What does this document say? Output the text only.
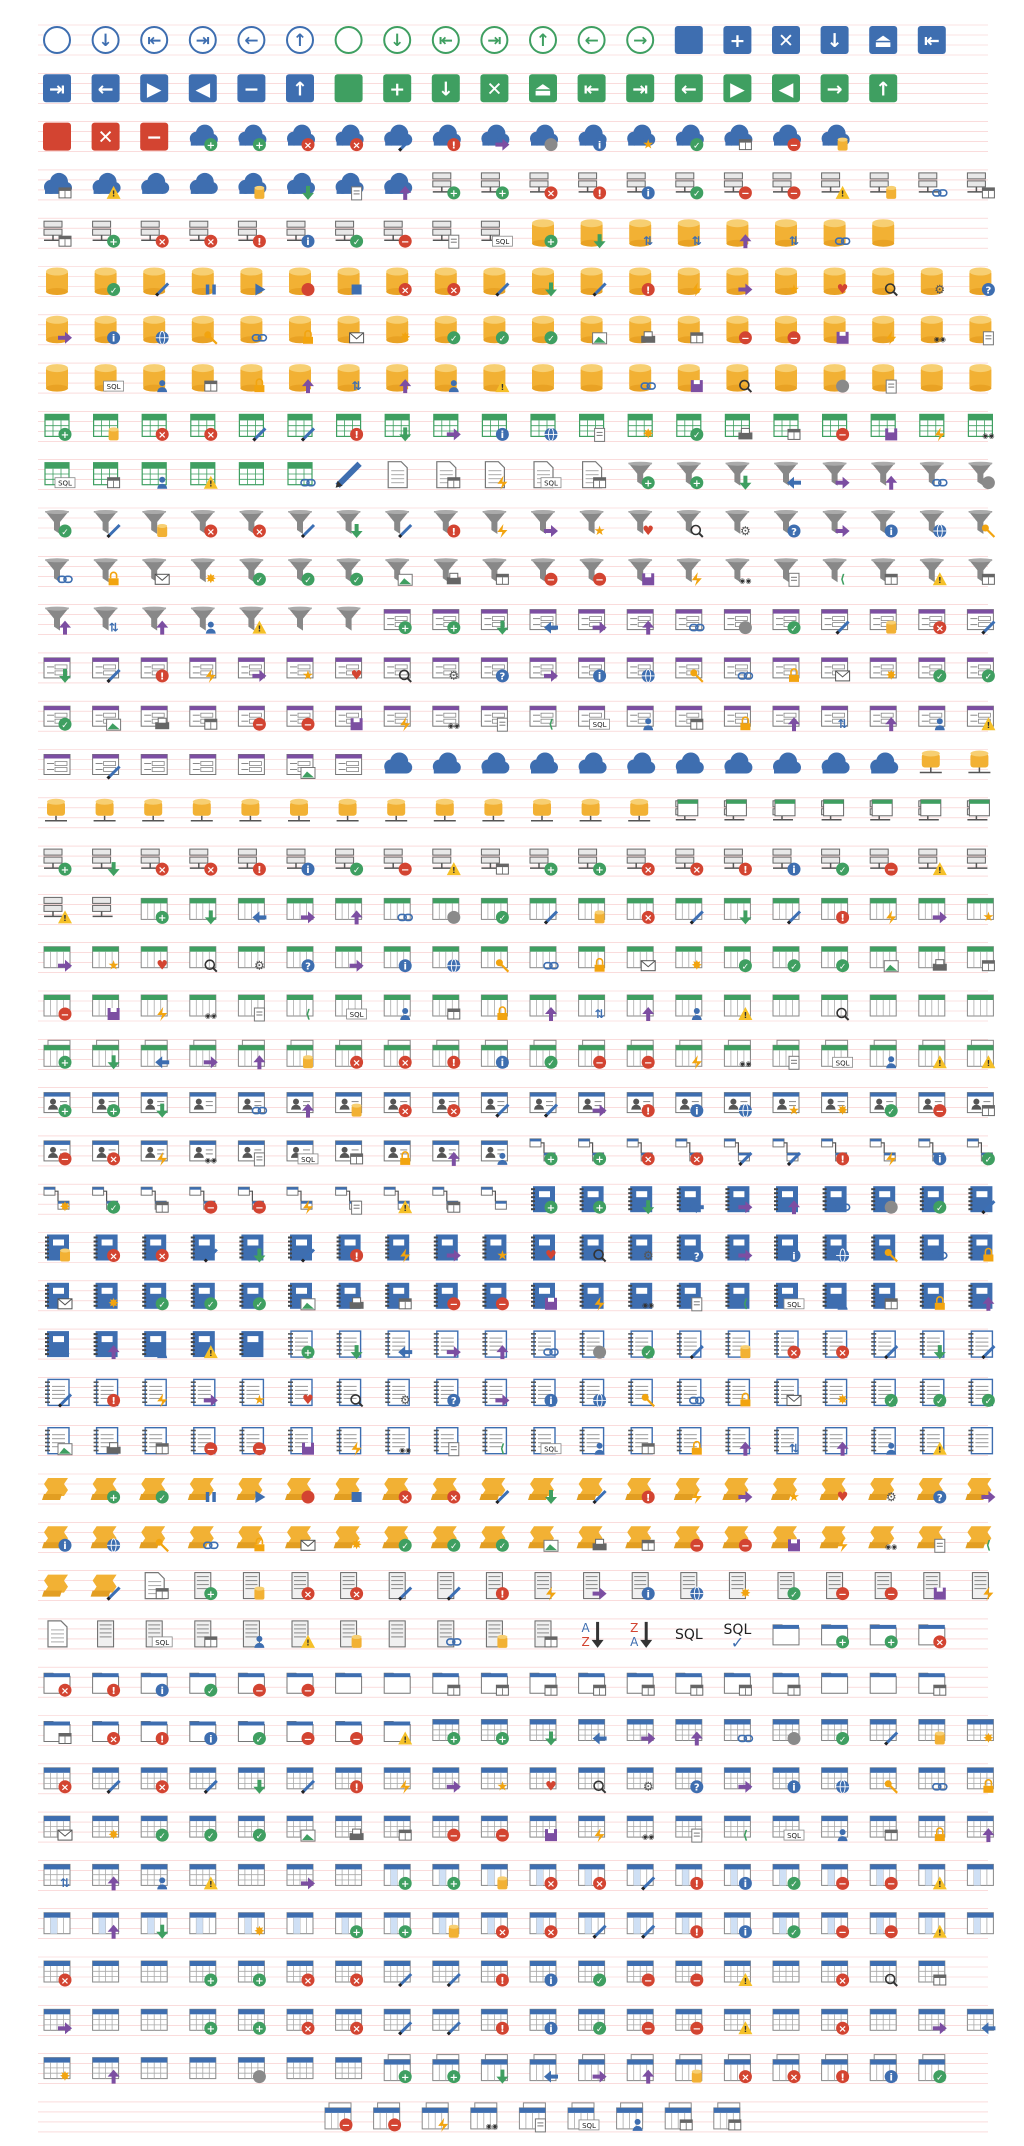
↓ ⇤ ⇥ ← ↑	↓ ⇤ ⇥ ↑ ← →	+ ✕ ↓ ⏏ ⇤
⇥ ← ▶ ◀ − ↑	+ ↓ ✕ ⏏ ⇤ ⇥ ← ▶ ◀ → ↑
✕ −	+	+	×	×	!	i	★	✓	−
!	+	+	×	!	i	✓	−	−	!
+	×	×	!	i	✓	−	SQL	+	⇅	⇅	⇅
✓	×	×	!	★	♥	⚙	?
i	✸	✓	✓	✓	−	−	◉◉
SQL	⇅	!
+	×	×	!	i	✸	✓	−	◉◉
SQL	!	SQL	+	+
✓	×	×	!	★	♥	⚙	?	i
✸	✓	✓	✓	−	−	◉◉	⟨	!
⇅	!	+	+	✓	×
!	★	♥	⚙	?	i	✸	✓	✓
✓	−	−	◉◉	⟨	SQL	⇅	!
+	×	×	!	i	✓	−	!	+	+	×	×	!	i	✓	−	!
!	+	✓	×	!	★
★	♥	⚙	?	i	✸	✓	✓	✓
−	◉◉	⟨	SQL	⇅	!
+	×	×	!	i	✓	−	−	◉◉	SQL	!	!
+	+	×	×	!	i	★	✸	✓	−
−	×	◉◉	SQL	+	+	×	×	!	i	✓
✸	✓	−	−	!	+	+	✓
×	×	!	★	♥	⚙	?	i
✸	✓	✓	✓	−	−	◉◉	⟨	SQL
⇅	!	+	✓	×	×
!	★	♥	⚙	?	i	✸	✓	✓	✓
−	−	◉◉	⟨	SQL	⇅	!
+	✓	×	×	!	★	♥	⚙	?
i	✸	✓	✓	✓	−	−	◉◉	⟨
+	×	×	!	i	✸	✓	−	−
SQL	!
A
Z
Z
A	SQL SQL
✓	+	+	×
×	!	i	✓	−	−
×	!	i	✓	−	−	!	+	+	✓	✸
×	×	!	★	♥	⚙	?	i
✸	✓	✓	✓	−	−	◉◉	⟨	SQL
⇅	!	+	+	×	×	!	i	✓	−	−	!
✸	+	+	×	×	!	i	✓	−	−	!
×	+	+	×	×	!	i	✓	−	−	!	×
+	+	×	×	!	i	✓	−	−	!	×
✸	+	+	×	×	!	i	✓
−	−	◉◉	SQL
